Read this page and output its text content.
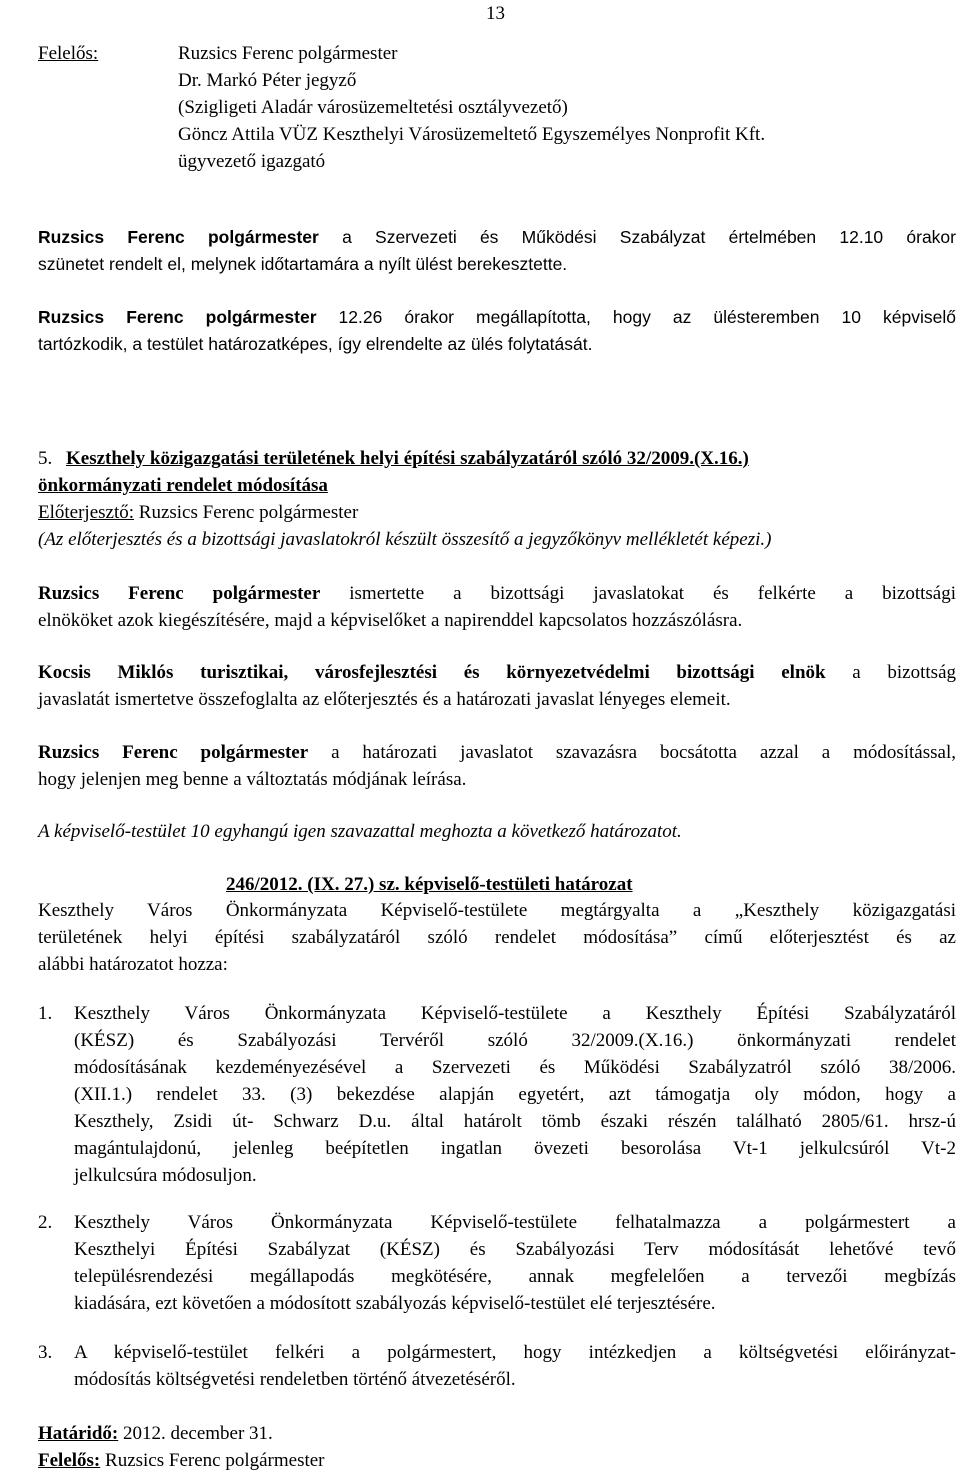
13
Felelős:	Ruzsics Ferenc polgármester
Dr. Markó Péter jegyző
(Szigligeti Aladár városüzemeltetési osztályvezető)
Göncz Attila VÜZ Keszthelyi Városüzemeltető Egyszemélyes Nonprofit Kft.
ügyvezető igazgató
Ruzsics Ferenc polgármester a Szervezeti és Működési Szabályzat értelmében 12.10 órakor
szünetet rendelt el, melynek időtartamára a nyílt ülést berekesztette.
Ruzsics Ferenc polgármester 12.26 órakor megállapította, hogy az ülésteremben 10 képviselő
tartózkodik, a testület határozatképes, így elrendelte az ülés folytatását.
5. Keszthely közigazgatási területének helyi építési szabályzatáról szóló 32/2009.(X.16.)
önkormányzati rendelet módosítása
Előterjesztő: Ruzsics Ferenc polgármester
(Az előterjesztés és a bizottsági javaslatokról készült összesítő a jegyzőkönyv mellékletét képezi.)
Ruzsics Ferenc polgármester ismertette a bizottsági javaslatokat és felkérte a bizottsági
elnököket azok kiegészítésére, majd a képviselőket a napirenddel kapcsolatos hozzászólásra.
Kocsis Miklós turisztikai, városfejlesztési és környezetvédelmi bizottsági elnök a bizottság
javaslatát ismertetve összefoglalta az előterjesztés és a határozati javaslat lényeges elemeit.
Ruzsics Ferenc polgármester a határozati javaslatot szavazásra bocsátotta azzal a módosítással,
hogy jelenjen meg benne a változtatás módjának leírása.
A képviselő-testület 10 egyhangú igen szavazattal meghozta a következő határozatot.
246/2012. (IX. 27.) sz. képviselő-testületi határozat
Keszthely Város Önkormányzata Képviselő-testülete megtárgyalta a „Keszthely közigazgatási
területének helyi építési szabályzatáról szóló rendelet módosítása” című előterjesztést és az
alábbi határozatot hozza:
1. Keszthely Város Önkormányzata Képviselő-testülete a Keszthely Építési Szabályzatáról
(KÉSZ) és Szabályozási Tervéről szóló 32/2009.(X.16.) önkormányzati rendelet
módosításának kezdeményezésével a Szervezeti és Működési Szabályzatról szóló 38/2006.
(XII.1.) rendelet 33. (3) bekezdése alapján egyetért, azt támogatja oly módon, hogy a
Keszthely, Zsidi út- Schwarz D.u. által határolt tömb északi részén található 2805/61. hrsz-ú
magántulajdonú, jelenleg beépítetlen ingatlan övezeti besorolása Vt-1 jelkulcsúról Vt-2
jelkulcsúra módosuljon.
2. Keszthely Város Önkormányzata Képviselő-testülete felhatalmazza a polgármestert a
Keszthelyi Építési Szabályzat (KÉSZ) és Szabályozási Terv módosítását lehetővé tevő
településrendezési megállapodás megkötésére, annak megfelelően a tervezői megbízás
kiadására, ezt követően a módosított szabályozás képviselő-testület elé terjesztésére.
3. A képviselő-testület felkéri a polgármestert, hogy intézkedjen a költségvetési előirányzat-
módosítás költségvetési rendeletben történő átvezetéséről.
Határidő: 2012. december 31.
Felelős: Ruzsics Ferenc polgármester
